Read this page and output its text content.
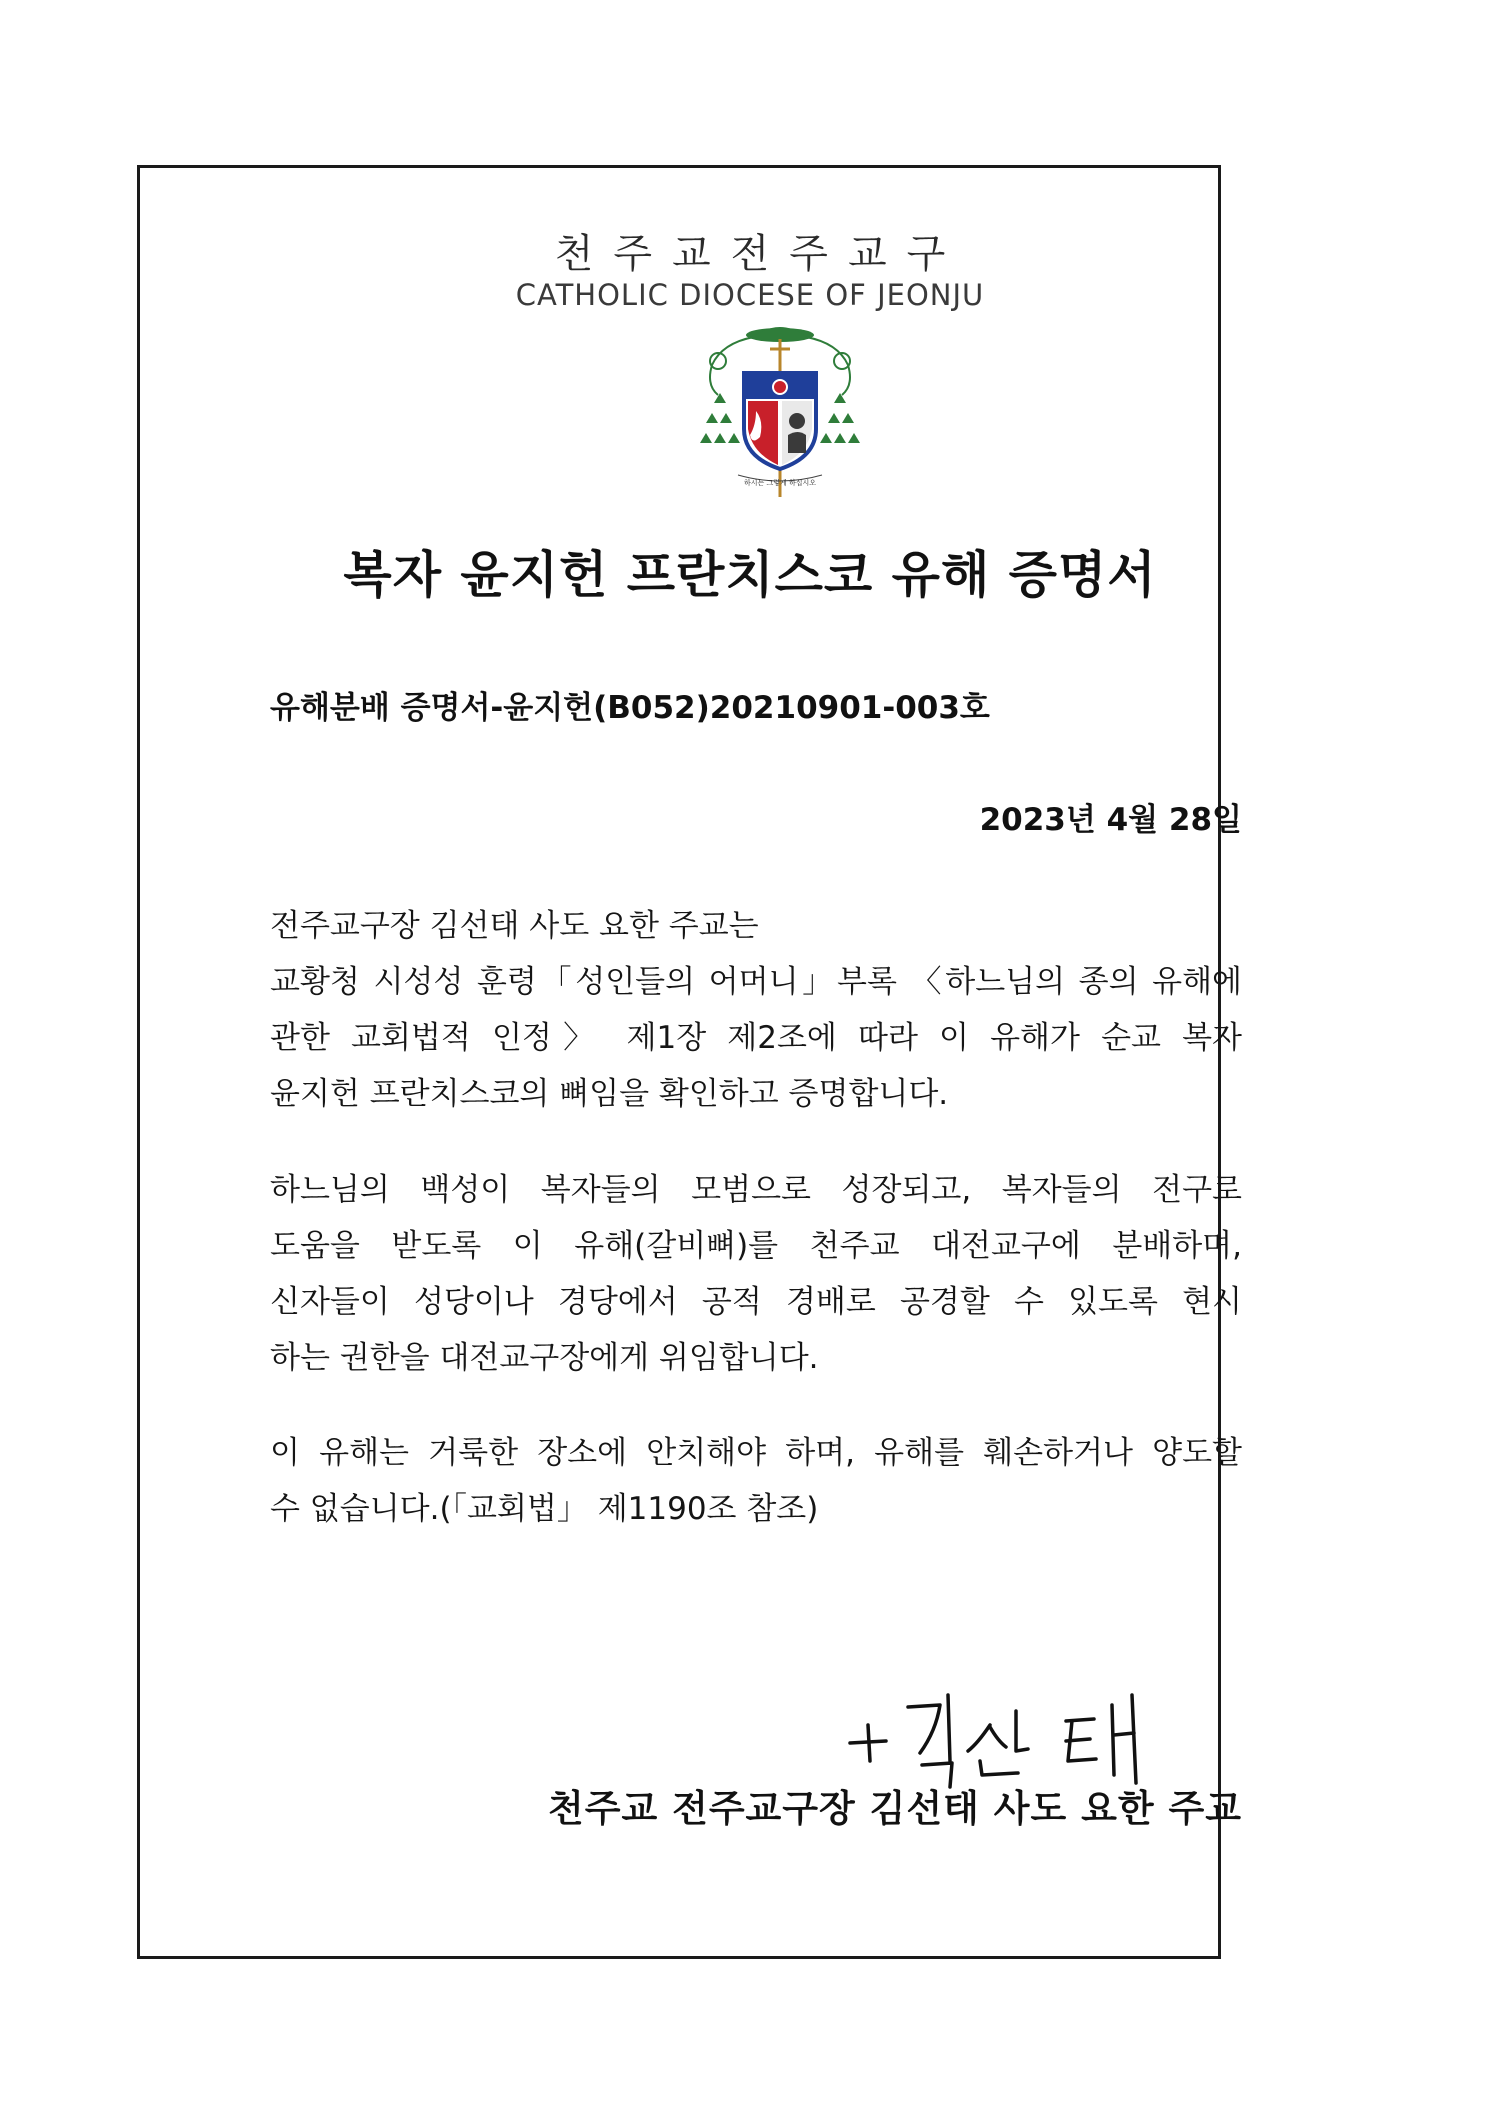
천주교전주교구
CATHOLIC DIOCESE OF JEONJU
하시는 그렇게 하십시오
복자 윤지헌 프란치스코 유해 증명서
유해분배 증명서-윤지헌(B052)20210901-003호
2023년 4월 28일
전주교구장 김선태 사도 요한 주교는
교황청 시성성 훈령「성인들의 어머니」부록 〈하느님의 종의 유해에
관한 교회법적 인정〉 제1장 제2조에 따라 이 유해가 순교 복자
윤지헌 프란치스코의 뼈임을 확인하고 증명합니다.
하느님의 백성이 복자들의 모범으로 성장되고, 복자들의 전구로
도움을 받도록 이 유해(갈비뼈)를 천주교 대전교구에 분배하며,
신자들이 성당이나 경당에서 공적 경배로 공경할 수 있도록 현시
하는 권한을 대전교구장에게 위임합니다.
이 유해는 거룩한 장소에 안치해야 하며, 유해를 훼손하거나 양도할
수 없습니다.(「교회법」 제1190조 참조)
천주교 전주교구장 김선태 사도 요한 주교
